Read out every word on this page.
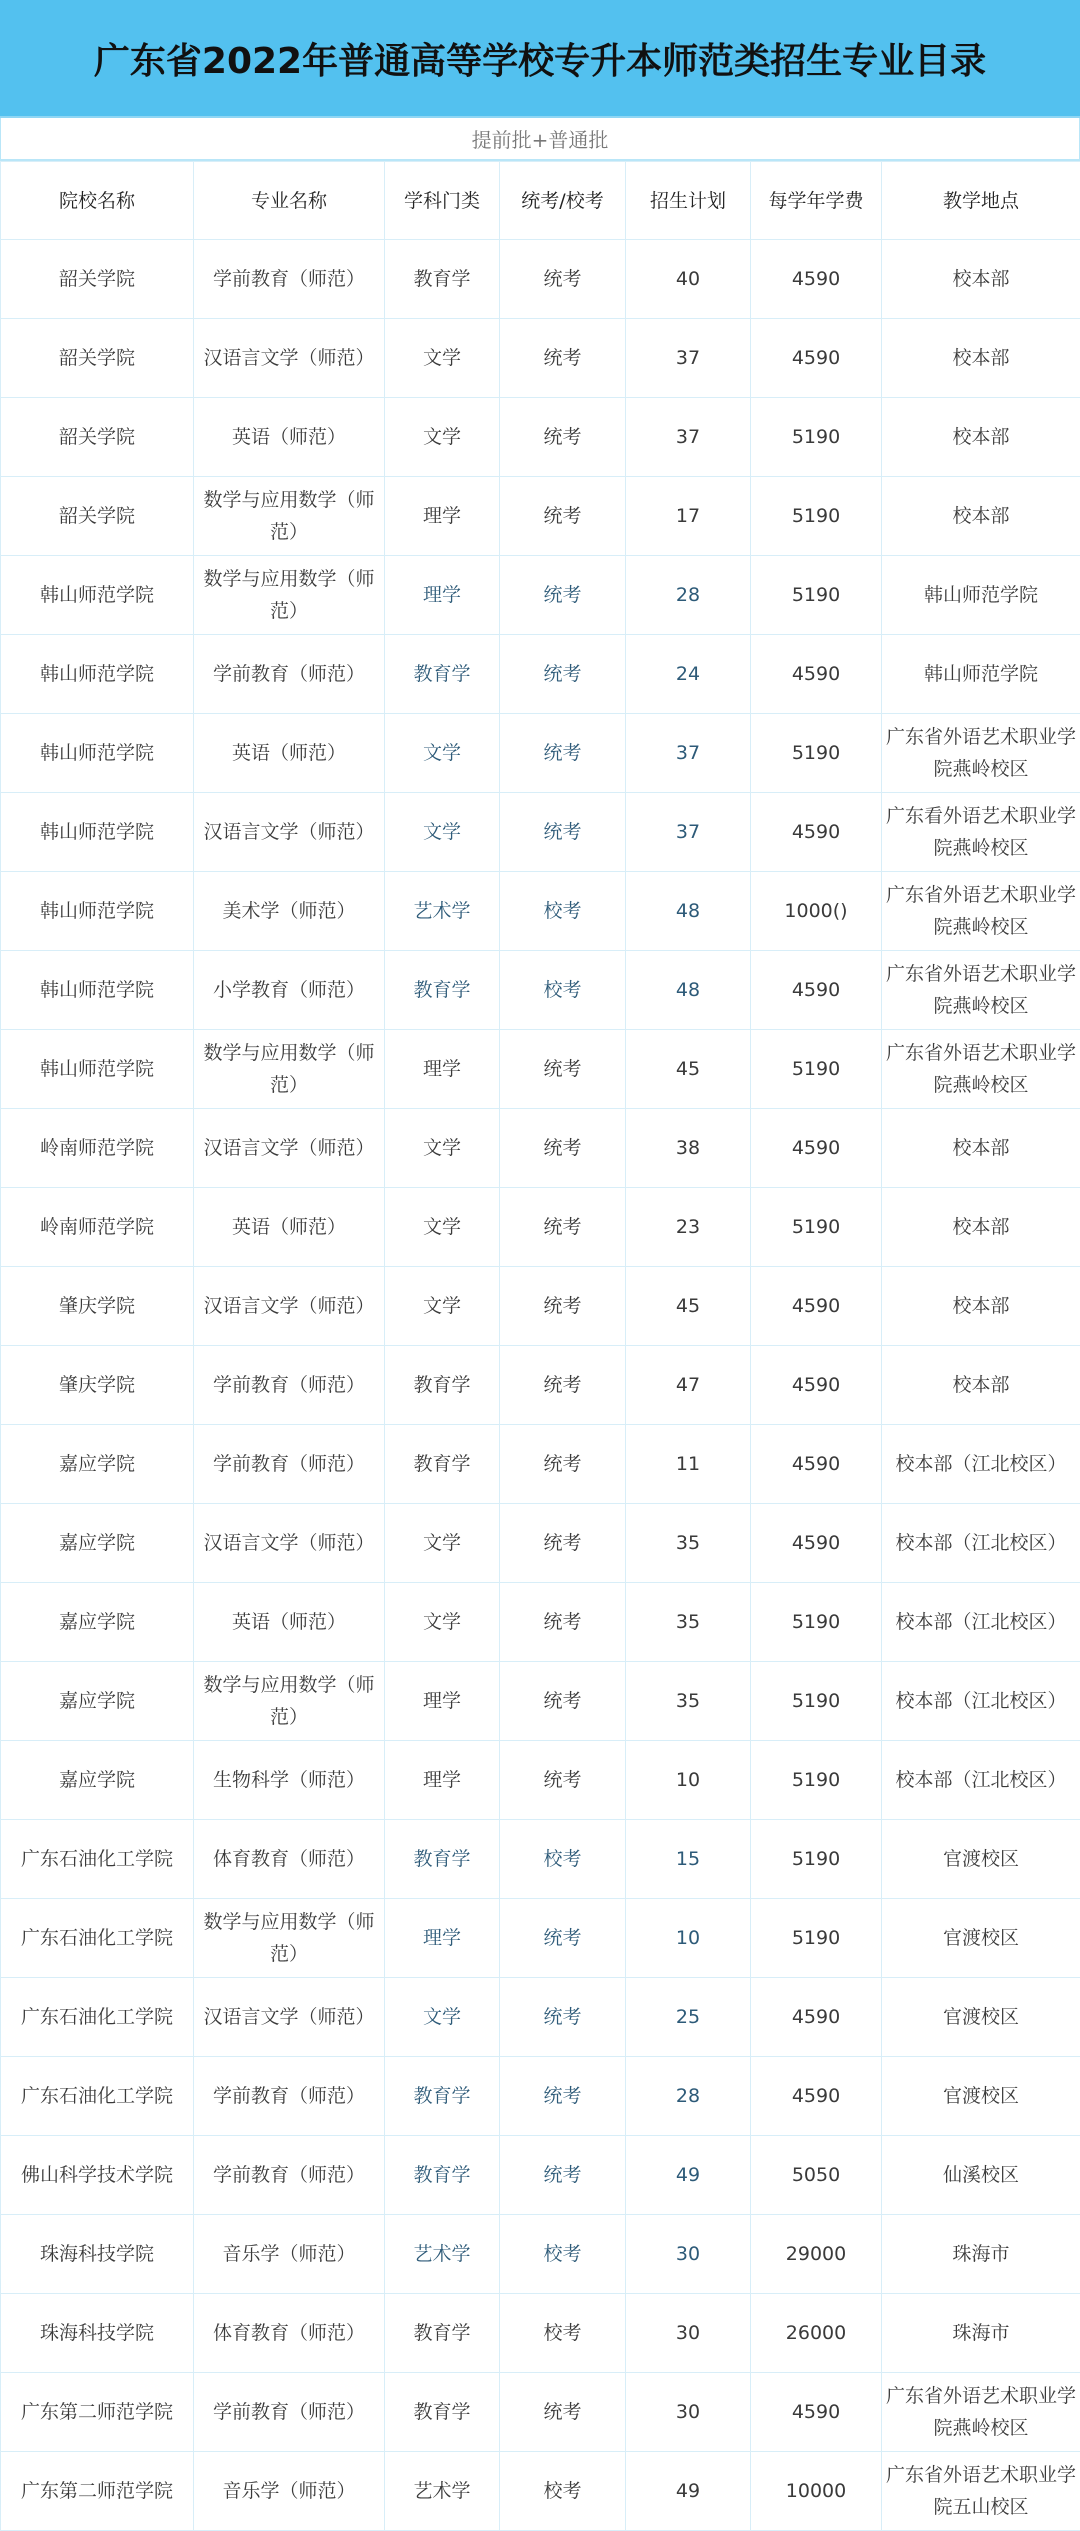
广东省2022年普通高等学校专升本师范类招生专业目录
提前批+普通批
院校名称	专业名称	学科门类	统考/校考	招生计划	每学年学费	教学地点
韶关学院	学前教育（师范）	教育学	统考	40	4590	校本部
韶关学院	汉语言文学（师范）	文学	统考	37	4590	校本部
韶关学院	英语（师范）	文学	统考	37	5190	校本部
韶关学院	数学与应用数学（师范）	理学	统考	17	5190	校本部
韩山师范学院	数学与应用数学（师范）	理学	统考	28	5190	韩山师范学院
韩山师范学院	学前教育（师范）	教育学	统考	24	4590	韩山师范学院
韩山师范学院	英语（师范）	文学	统考	37	5190	广东省外语艺术职业学院燕岭校区
韩山师范学院	汉语言文学（师范）	文学	统考	37	4590	广东看外语艺术职业学院燕岭校区
韩山师范学院	美术学（师范）	艺术学	校考	48	1000()	广东省外语艺术职业学院燕岭校区
韩山师范学院	小学教育（师范）	教育学	校考	48	4590	广东省外语艺术职业学院燕岭校区
韩山师范学院	数学与应用数学（师范）	理学	统考	45	5190	广东省外语艺术职业学院燕岭校区
岭南师范学院	汉语言文学（师范）	文学	统考	38	4590	校本部
岭南师范学院	英语（师范）	文学	统考	23	5190	校本部
肇庆学院	汉语言文学（师范）	文学	统考	45	4590	校本部
肇庆学院	学前教育（师范）	教育学	统考	47	4590	校本部
嘉应学院	学前教育（师范）	教育学	统考	11	4590	校本部（江北校区）
嘉应学院	汉语言文学（师范）	文学	统考	35	4590	校本部（江北校区）
嘉应学院	英语（师范）	文学	统考	35	5190	校本部（江北校区）
嘉应学院	数学与应用数学（师范）	理学	统考	35	5190	校本部（江北校区）
嘉应学院	生物科学（师范）	理学	统考	10	5190	校本部（江北校区）
广东石油化工学院	体育教育（师范）	教育学	校考	15	5190	官渡校区
广东石油化工学院	数学与应用数学（师范）	理学	统考	10	5190	官渡校区
广东石油化工学院	汉语言文学（师范）	文学	统考	25	4590	官渡校区
广东石油化工学院	学前教育（师范）	教育学	统考	28	4590	官渡校区
佛山科学技术学院	学前教育（师范）	教育学	统考	49	5050	仙溪校区
珠海科技学院	音乐学（师范）	艺术学	校考	30	29000	珠海市
珠海科技学院	体育教育（师范）	教育学	校考	30	26000	珠海市
广东第二师范学院	学前教育（师范）	教育学	统考	30	4590	广东省外语艺术职业学院燕岭校区
广东第二师范学院	音乐学（师范）	艺术学	校考	49	10000	广东省外语艺术职业学院五山校区
